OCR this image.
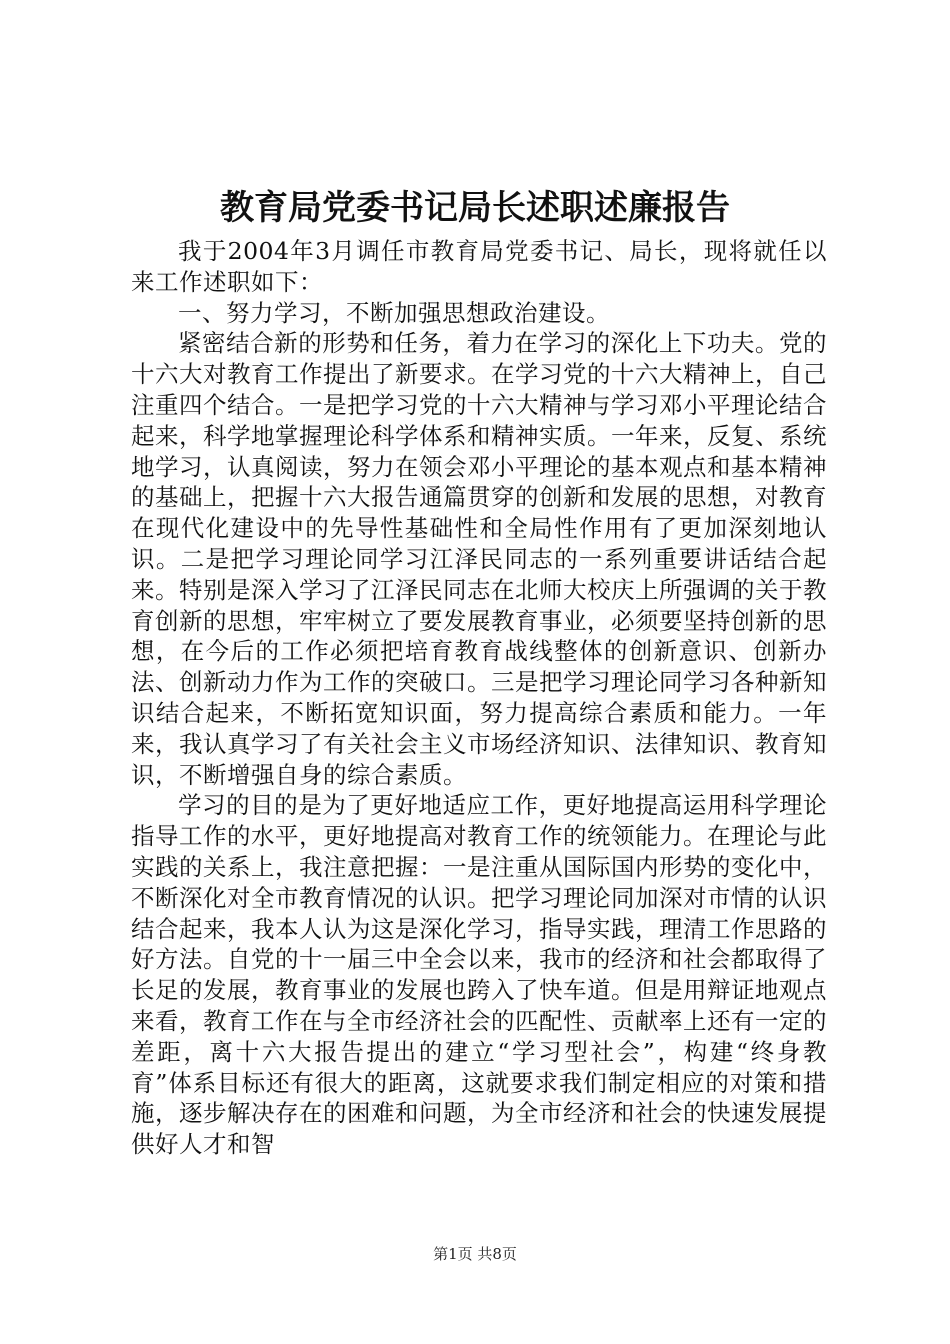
教育局党委书记局长述职述廉报告

我于2004年3月调任市教育局党委书记、局长，现将就任以来工作述职如下：

一、努力学习，不断加强思想政治建设。

紧密结合新的形势和任务，着力在学习的深化上下功夫。党的十六大对教育工作提出了新要求。在学习党的十六大精神上，自己注重四个结合。一是把学习党的十六大精神与学习邓小平理论结合起来，科学地掌握理论科学体系和精神实质。一年来，反复、系统地学习，认真阅读，努力在领会邓小平理论的基本观点和基本精神的基础上，把握十六大报告通篇贯穿的创新和发展的思想，对教育在现代化建设中的先导性基础性和全局性作用有了更加深刻地认识。二是把学习理论同学习江泽民同志的一系列重要讲话结合起来。特别是深入学习了江泽民同志在北师大校庆上所强调的关于教育创新的思想，牢牢树立了要发展教育事业，必须要坚持创新的思想，在今后的工作必须把培育教育战线整体的创新意识、创新办法、创新动力作为工作的突破口。三是把学习理论同学习各种新知识结合起来，不断拓宽知识面，努力提高综合素质和能力。一年来，我认真学习了有关社会主义市场经济知识、法律知识、教育知识，不断增强自身的综合素质。

学习的目的是为了更好地适应工作，更好地提高运用科学理论指导工作的水平，更好地提高对教育工作的统领能力。在理论与此实践的关系上，我注意把握：一是注重从国际国内形势的变化中，不断深化对全市教育情况的认识。把学习理论同加深对市情的认识结合起来，我本人认为这是深化学习，指导实践，理清工作思路的好方法。自党的十一届三中全会以来，我市的经济和社会都取得了长足的发展，教育事业的发展也跨入了快车道。但是用辩证地观点来看，教育工作在与全市经济社会的匹配性、贡献率上还有一定的差距，离十六大报告提出的建立“学习型社会”，构建“终身教育”体系目标还有很大的距离，这就要求我们制定相应的对策和措施，逐步解决存在的困难和问题，为全市经济和社会的快速发展提供好人才和智

第1页 共8页
